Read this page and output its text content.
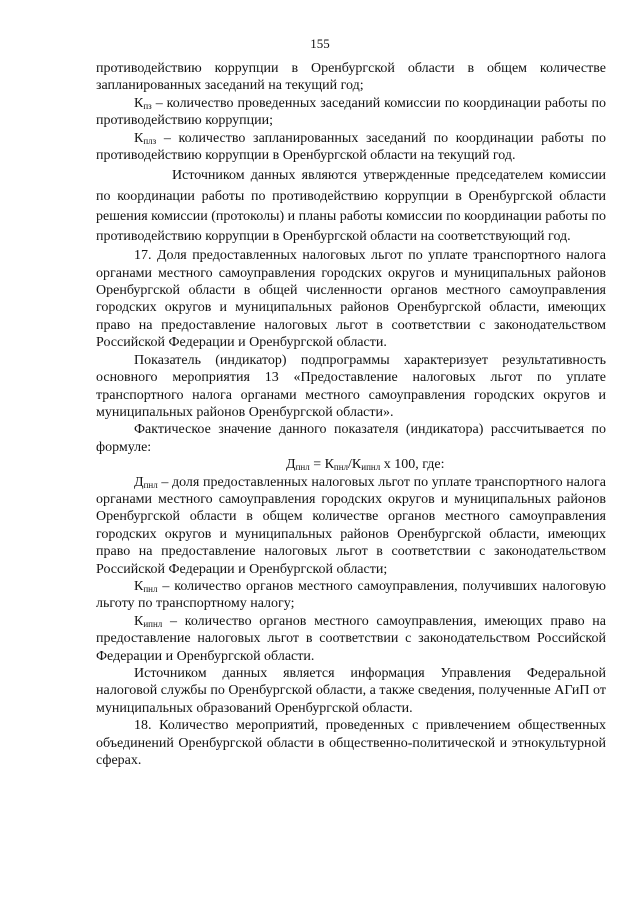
155

противодействию коррупции в Оренбургской области в общем количестве запланированных заседаний на текущий год;

$К_{пз}$ – количество проведенных заседаний комиссии по координации работы по противодействию коррупции;

$К_{плз}$ – количество запланированных заседаний по координации работы по противодействию коррупции в Оренбургской области на текущий год.

Источником данных являются утвержденные председателем комиссии по координации работы по противодействию коррупции в Оренбургской области решения комиссии (протоколы) и планы работы комиссии по координации работы по противодействию коррупции в Оренбургской области на соответствующий год.

17. Доля предоставленных налоговых льгот по уплате транспортного налога органами местного самоуправления городских округов и муниципальных районов Оренбургской области в общей численности органов местного самоуправления городских округов и муниципальных районов Оренбургской области, имеющих право на предоставление налоговых льгот в соответствии с законодательством Российской Федерации и Оренбургской области.

Показатель (индикатор) подпрограммы характеризует результативность основного мероприятия 13 «Предоставление налоговых льгот по уплате транспортного налога органами местного самоуправления городских округов и муниципальных районов Оренбургской области».

Фактическое значение данного показателя (индикатора) рассчитывается по формуле:

$Д_{пнл} = К_{пнл}/К_{ипнл}$ х 100, где:

$Д_{пнл}$ – доля предоставленных налоговых льгот по уплате транспортного налога органами местного самоуправления городских округов и муниципальных районов Оренбургской области в общем количестве органов местного самоуправления городских округов и муниципальных районов Оренбургской области, имеющих право на предоставление налоговых льгот в соответствии с законодательством Российской Федерации и Оренбургской области;

$К_{пнл}$ – количество органов местного самоуправления, получивших налоговую льготу по транспортному налогу;

$К_{ипнл}$ – количество органов местного самоуправления, имеющих право на предоставление налоговых льгот в соответствии с законодательством Российской Федерации и Оренбургской области.

Источником данных является информация Управления Федеральной налоговой службы по Оренбургской области, а также сведения, полученные АГиП от муниципальных образований Оренбургской области.

18. Количество мероприятий, проведенных с привлечением общественных объединений Оренбургской области в общественно-политической и этнокультурной сферах.
